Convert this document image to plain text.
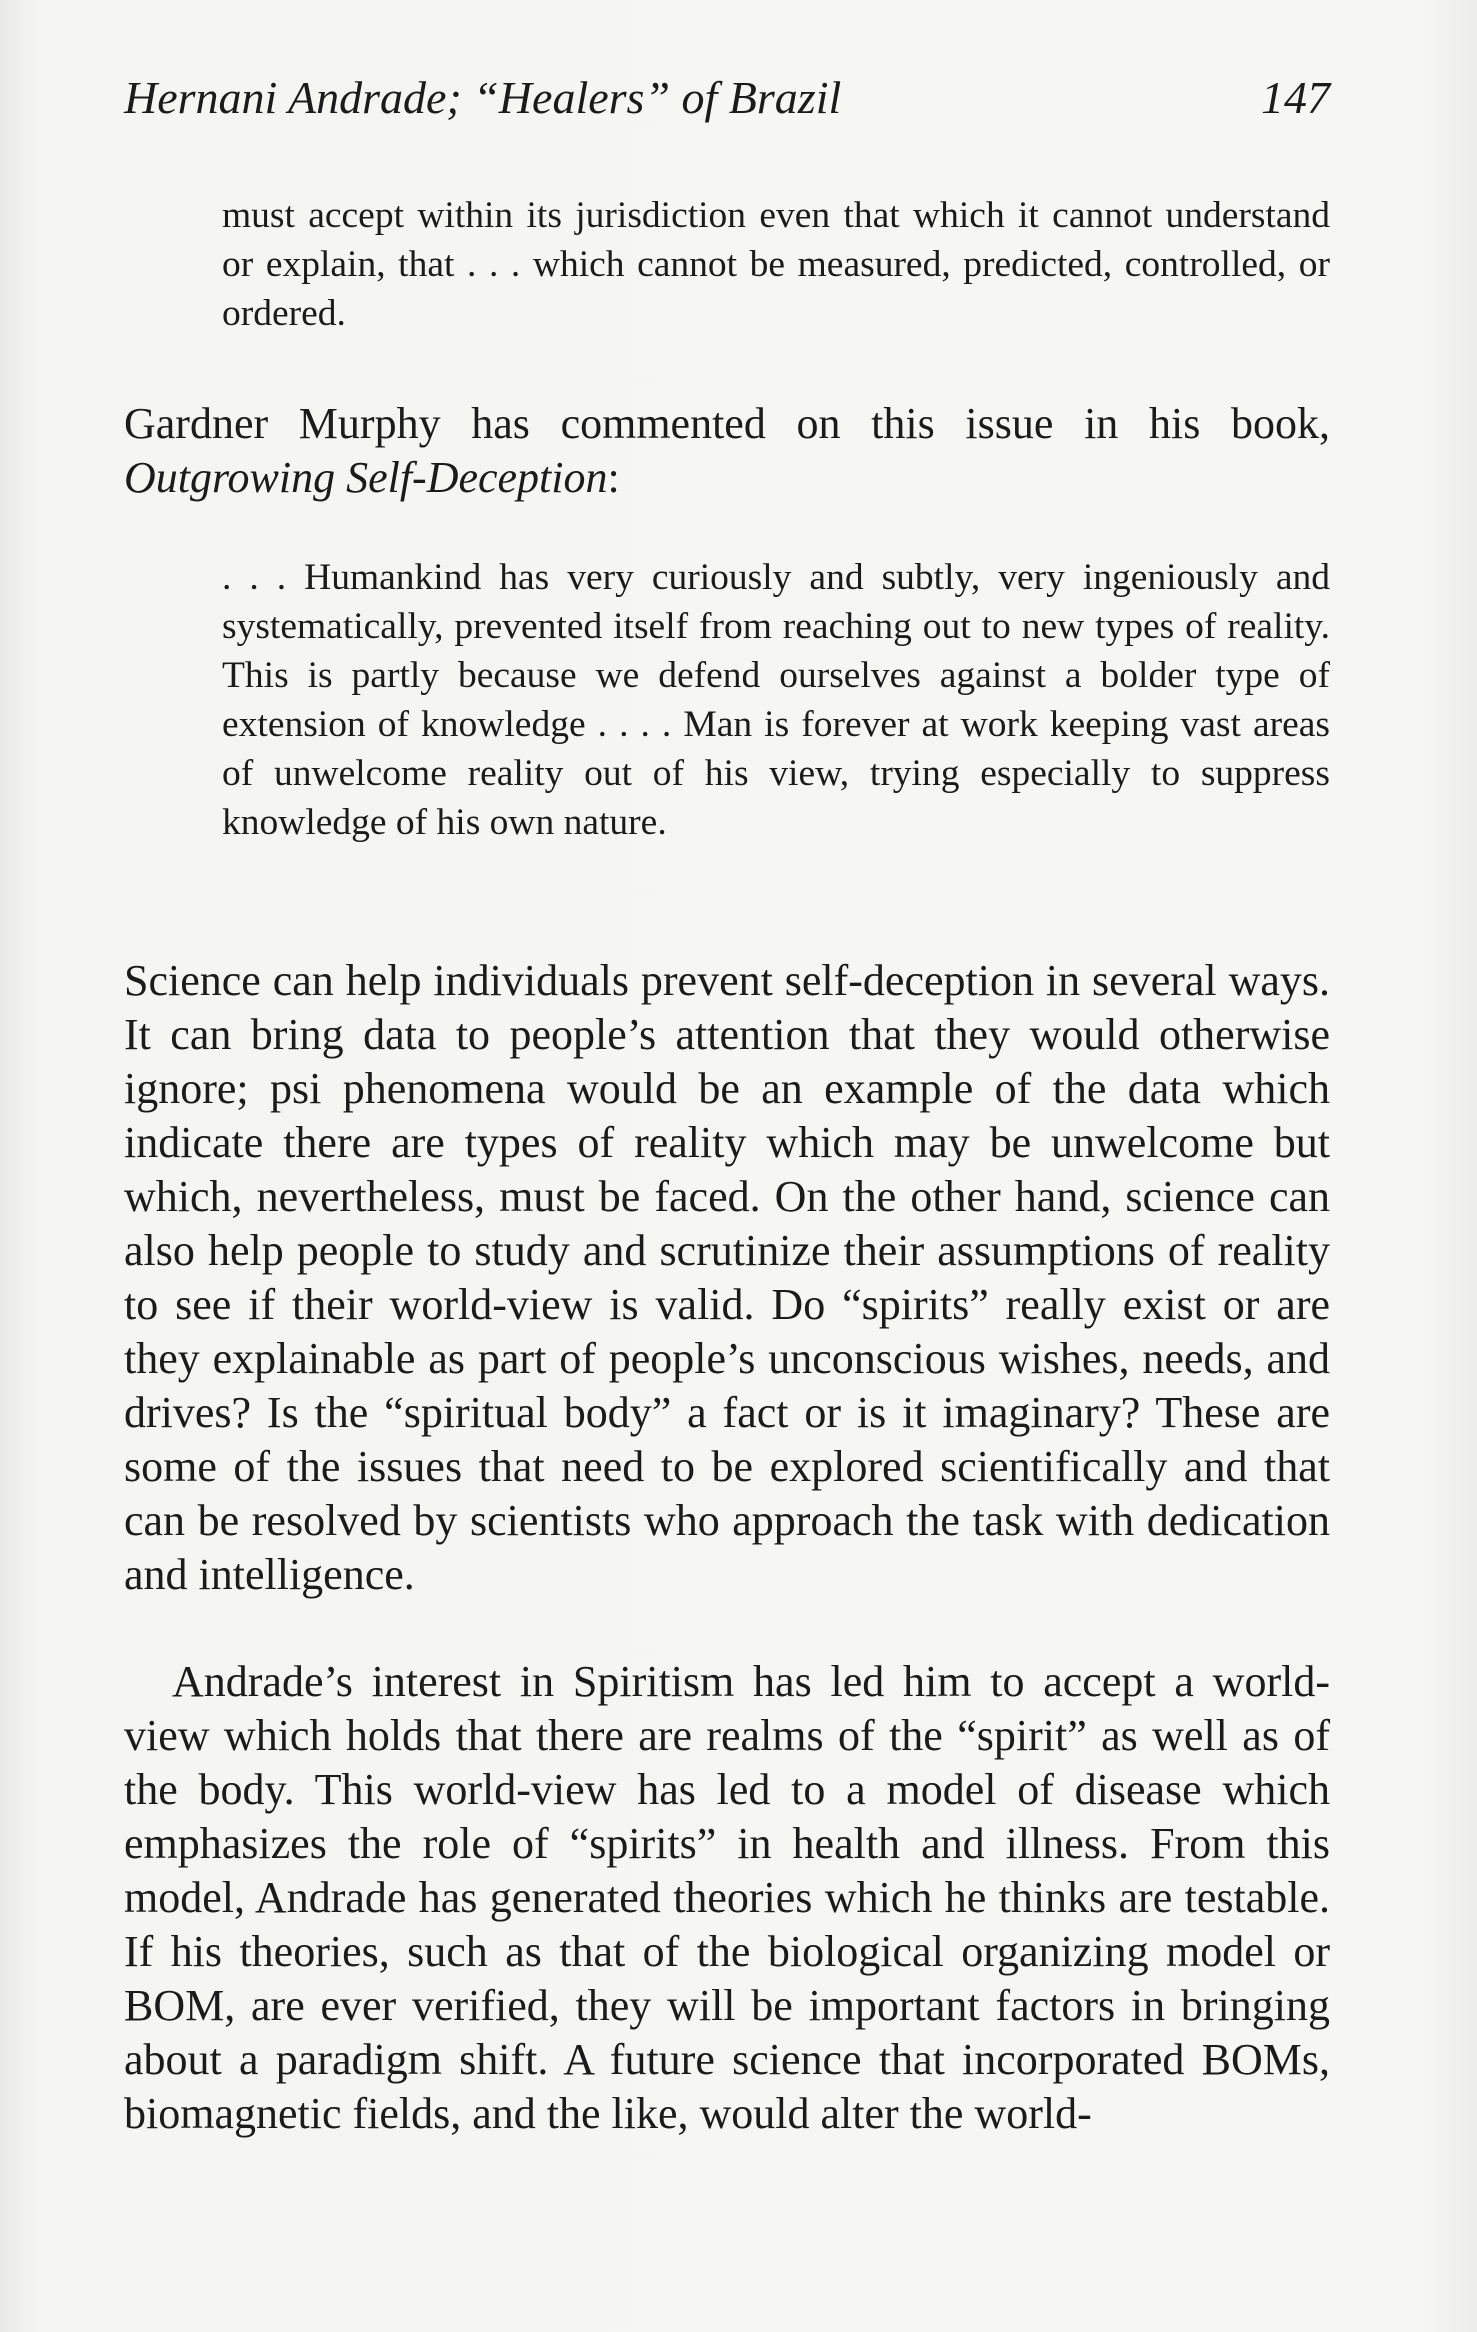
Hernani Andrade; “Healers” of Brazil	147

must accept within its jurisdiction even that which it cannot understand or explain, that . . . which cannot be measured, predicted, controlled, or ordered.

Gardner Murphy has commented on this issue in his book, Outgrowing Self-Deception:

. . . Humankind has very curiously and subtly, very ingeniously and systematically, prevented itself from reaching out to new types of reality. This is partly because we defend ourselves against a bolder type of extension of knowledge . . . . Man is forever at work keeping vast areas of unwelcome reality out of his view, trying especially to suppress knowledge of his own nature.

Science can help individuals prevent self-deception in several ways. It can bring data to people’s attention that they would otherwise ignore; psi phenomena would be an example of the data which indicate there are types of reality which may be unwelcome but which, nevertheless, must be faced. On the other hand, science can also help people to study and scrutinize their assumptions of reality to see if their world-view is valid. Do “spirits” really exist or are they explainable as part of people’s unconscious wishes, needs, and drives? Is the “spiritual body” a fact or is it imaginary? These are some of the issues that need to be explored scientifically and that can be resolved by scientists who approach the task with dedication and intelligence.

Andrade’s interest in Spiritism has led him to accept a world-view which holds that there are realms of the “spirit” as well as of the body. This world-view has led to a model of disease which emphasizes the role of “spirits” in health and illness. From this model, Andrade has generated theories which he thinks are testable. If his theories, such as that of the biological organizing model or BOM, are ever verified, they will be important factors in bringing about a paradigm shift. A future science that incorporated BOMs, biomagnetic fields, and the like, would alter the world-
